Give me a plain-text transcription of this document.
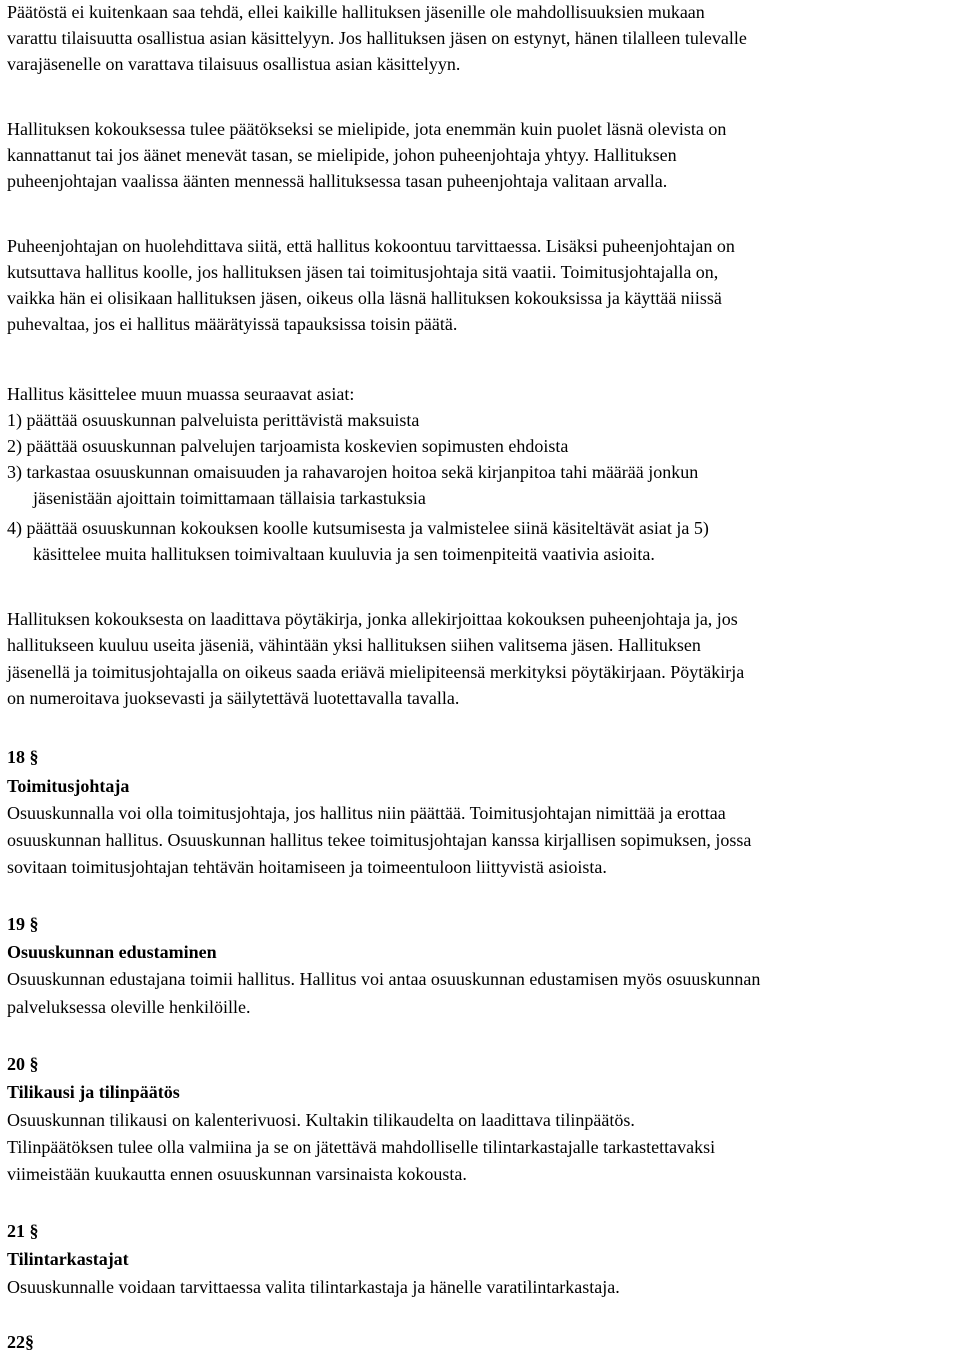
Päätöstä ei kuitenkaan saa tehdä, ellei kaikille hallituksen jäsenille ole mahdollisuuksien mukaan
varattu tilaisuutta osallistua asian käsittelyyn. Jos hallituksen jäsen on estynyt, hänen tilalleen tulevalle
varajäsenelle on varattava tilaisuus osallistua asian käsittelyyn.
Hallituksen kokouksessa tulee päätökseksi se mielipide, jota enemmän kuin puolet läsnä olevista on
kannattanut tai jos äänet menevät tasan, se mielipide, johon puheenjohtaja yhtyy. Hallituksen
puheenjohtajan vaalissa äänten mennessä hallituksessa tasan puheenjohtaja valitaan arvalla.
Puheenjohtajan on huolehdittava siitä, että hallitus kokoontuu tarvittaessa. Lisäksi puheenjohtajan on
kutsuttava hallitus koolle, jos hallituksen jäsen tai toimitusjohtaja sitä vaatii. Toimitusjohtajalla on,
vaikka hän ei olisikaan hallituksen jäsen, oikeus olla läsnä hallituksen kokouksissa ja käyttää niissä
puhevaltaa, jos ei hallitus määrätyissä tapauksissa toisin päätä.
Hallitus käsittelee muun muassa seuraavat asiat:
1) päättää osuuskunnan palveluista perittävistä maksuista
2) päättää osuuskunnan palvelujen tarjoamista koskevien sopimusten ehdoista
3) tarkastaa osuuskunnan omaisuuden ja rahavarojen hoitoa sekä kirjanpitoa tahi määrää jonkun
jäsenistään ajoittain toimittamaan tällaisia tarkastuksia
4) päättää osuuskunnan kokouksen koolle kutsumisesta ja valmistelee siinä käsiteltävät asiat ja 5)
käsittelee muita hallituksen toimivaltaan kuuluvia ja sen toimenpiteitä vaativia asioita.
Hallituksen kokouksesta on laadittava pöytäkirja, jonka allekirjoittaa kokouksen puheenjohtaja ja, jos
hallitukseen kuuluu useita jäseniä, vähintään yksi hallituksen siihen valitsema jäsen. Hallituksen
jäsenellä ja toimitusjohtajalla on oikeus saada eriävä mielipiteensä merkityksi pöytäkirjaan. Pöytäkirja
on numeroitava juoksevasti ja säilytettävä luotettavalla tavalla.
18 §
Toimitusjohtaja
Osuuskunnalla voi olla toimitusjohtaja, jos hallitus niin päättää. Toimitusjohtajan nimittää ja erottaa
osuuskunnan hallitus. Osuuskunnan hallitus tekee toimitusjohtajan kanssa kirjallisen sopimuksen, jossa
sovitaan toimitusjohtajan tehtävän hoitamiseen ja toimeentuloon liittyvistä asioista.
19 §
Osuuskunnan edustaminen
Osuuskunnan edustajana toimii hallitus. Hallitus voi antaa osuuskunnan edustamisen myös osuuskunnan
palveluksessa oleville henkilöille.
20 §
Tilikausi ja tilinpäätös
Osuuskunnan tilikausi on kalenterivuosi. Kultakin tilikaudelta on laadittava tilinpäätös.
Tilinpäätöksen tulee olla valmiina ja se on jätettävä mahdolliselle tilintarkastajalle tarkastettavaksi
viimeistään kuukautta ennen osuuskunnan varsinaista kokousta.
21 §
Tilintarkastajat
Osuuskunnalle voidaan tarvittaessa valita tilintarkastaja ja hänelle varatilintarkastaja.
22§
